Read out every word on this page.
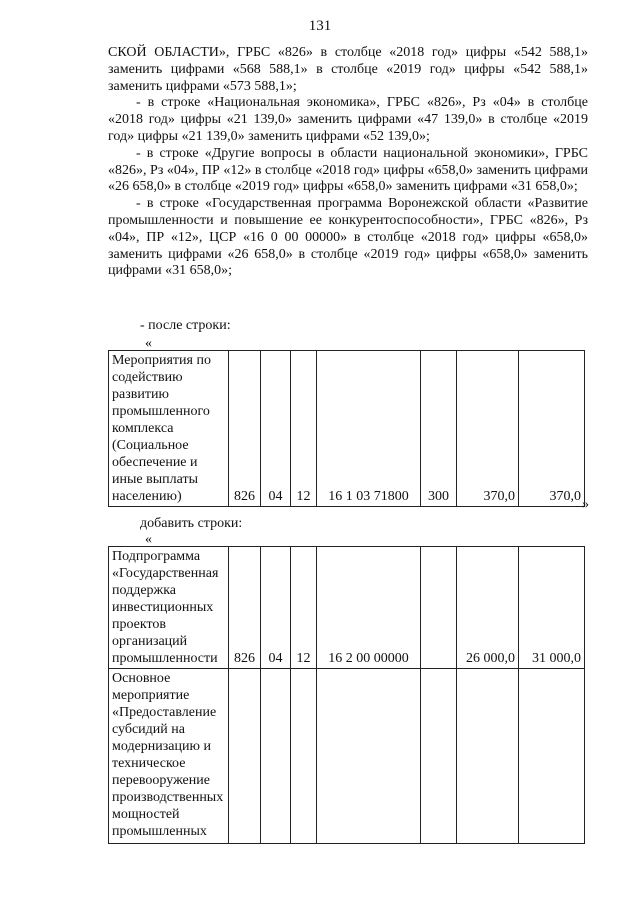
131

СКОЙ ОБЛАСТИ», ГРБС «826» в столбце «2018 год» цифры «542 588,1» заменить цифрами «568 588,1» в столбце «2019 год» цифры «542 588,1» заменить цифрами «573 588,1»;

- в строке «Национальная экономика», ГРБС «826», Рз «04» в столбце «2018 год» цифры «21 139,0» заменить цифрами «47 139,0» в столбце «2019 год» цифры «21 139,0» заменить цифрами «52 139,0»;

- в строке «Другие вопросы в области национальной экономики», ГРБС «826», Рз «04», ПР «12» в столбце «2018 год» цифры «658,0» заменить цифрами «26 658,0» в столбце «2019 год» цифры «658,0» заменить цифрами «31 658,0»;

- в строке «Государственная программа Воронежской области «Развитие промышленности и повышение ее конкурентоспособности», ГРБС «826», Рз «04», ПР «12», ЦСР «16 0 00 00000» в столбце «2018 год» цифры «658,0» заменить цифрами «26 658,0» в столбце «2019 год» цифры «658,0» заменить цифрами «31 658,0»;

- после строки:
«
Мероприятия по содействию развитию промышленного комплекса (Социальное обеспечение и иные выплаты населению)	826	04	12	16 1 03 71800	300	370,0	370,0
»
добавить строки:
«
Подпрограмма «Государственная поддержка инвестиционных проектов организаций промышленности	826	04	12	16 2 00 00000		26 000,0	31 000,0
Основное мероприятие «Предоставление субсидий на модернизацию и техническое перевооружение производственных мощностей промышленных							
